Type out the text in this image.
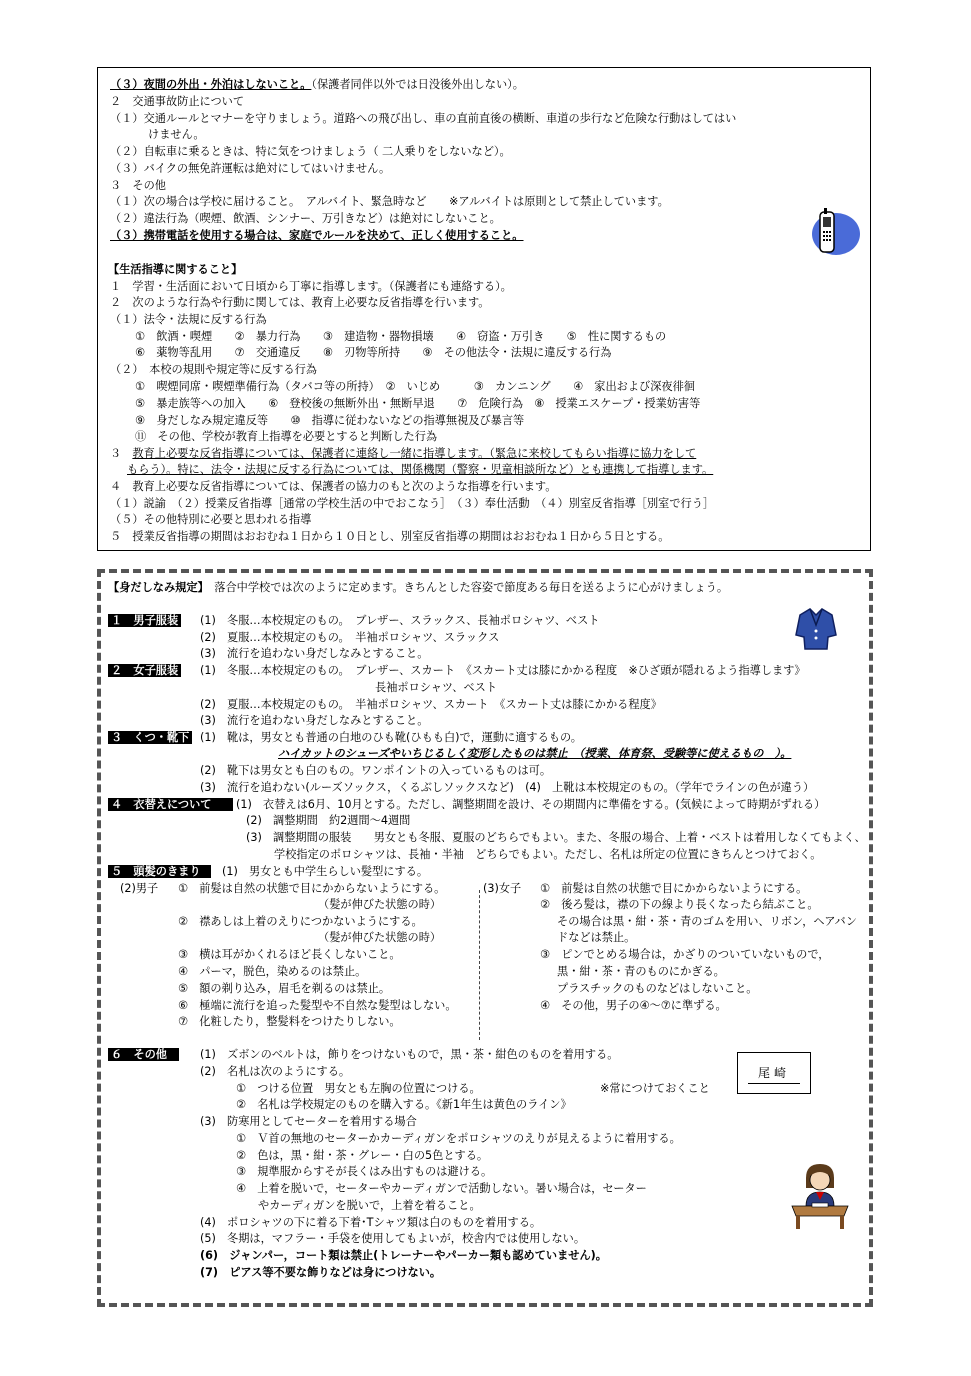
（３）夜間の外出・外泊はしないこと。（保護者同伴以外では日没後外出しない）。
２　交通事故防止について
（１）交通ルールとマナーを守りましょう。道路への飛び出し、車の直前直後の横断、車道の歩行など危険な行動はしてはい
けません。
（２）自転車に乗るときは、特に気をつけましょう（ 二人乗りをしないなど）。
（３）バイクの無免許運転は絶対にしてはいけません。
３　その他
（１）次の場合は学校に届けること。　アルバイト、緊急時など　　※アルバイトは原則として禁止しています。
（２）違法行為（喫煙、飲酒、シンナー、万引きなど）は絶対にしないこと。
（３）携帯電話を使用する場合は、家庭でルールを決めて、正しく使用すること。
【生活指導に関すること】
１　学習・生活面において日頃から丁寧に指導します。（保護者にも連絡する）。
２　次のような行為や行動に関しては、教育上必要な反省指導を行います。
（１）法令・法規に反する行為
①　飲酒・喫煙　　②　暴力行為　　③　建造物・器物損壊　　④　窃盗・万引き　　⑤　性に関するもの
⑥　薬物等乱用　　⑦　交通違反　　⑧　刃物等所持　　⑨　その他法令・法規に違反する行為
（２）　本校の規則や規定等に反する行為
①　喫煙同席・喫煙準備行為（タバコ等の所持）　②　いじめ　　　③　カンニング　　④　家出および深夜徘徊
⑤　暴走族等への加入　　⑥　登校後の無断外出・無断早退　　⑦　危険行為　⑧　授業エスケープ・授業妨害等
⑨　身だしなみ規定違反等　　⑩　指導に従わないなどの指導無視及び暴言等
⑪　その他、学校が教育上指導を必要とすると判断した行為
３　教育上必要な反省指導については、保護者に連絡し一緒に指導します。（緊急に来校してもらい指導に協力をして
もらう）。特に、法令・法規に反する行為については、関係機関（警察・児童相談所など）とも連携して指導します。
４　教育上必要な反省指導については、保護者の協力のもと次のような指導を行います。
（１）説諭　（２）授業反省指導［通常の学校生活の中でおこなう］　（３）奉仕活動　（４）別室反省指導［別室で行う］
（５）その他特別に必要と思われる指導
５　授業反省指導の期間はおおむね１日から１０日とし、別室反省指導の期間はおおむね１日から５日とする。
【身だしなみ規定】　 落合中学校では次のように定めます。きちんとした容姿で節度ある毎日を送るように心がけましょう。
１　男子服装 (1)　冬服…本校規定のもの。　ブレザー、スラックス、長袖ポロシャツ、ベスト
(2)　夏服…本校規定のもの。　半袖ポロシャツ、スラックス
(3)　流行を追わない身だしなみとすること。
２　女子服装 (1)　冬服…本校規定のもの。　ブレザー、スカート　《スカート丈は膝にかかる程度　※ひざ頭が隠れるよう指導します》
長袖ポロシャツ、ベスト
(2)　夏服…本校規定のもの。　半袖ポロシャツ、スカート　《スカート丈は膝にかかる程度》
(3)　流行を追わない身だしなみとすること。
３　くつ・靴下 (1)　靴は，男女とも普通の白地のひも靴(ひもも白)で，運動に適するもの。
ハイカットのシューズやいちじるしく変形したものは禁止　（授業、体育祭、受験等に使えるもの　）。
(2)　靴下は男女とも白のもの。ワンポイントの入っているものは可。
(3)　流行を追わない(ルーズソックス，くるぶしソックスなど)　(4)　上靴は本校規定のもの。（学年でラインの色が違う）
４　衣替えについて	(1)　衣替えは6月、10月とする。ただし、調整期間を設け、その期間内に準備をする。(気候によって時期がずれる）
(2)　調整期間　約2週間～4週間
(3)　調整期間の服装　　男女とも冬服、夏服のどちらでもよい。また、冬服の場合、上着・ベストは着用しなくてもよく、
学校指定のポロシャツは、長袖・半袖　どちらでもよい。ただし、名札は所定の位置にきちんとつけておく。
５　頭髪のきまり	(1)　男女とも中学生らしい髪型にする。
(2)男子 ①　前髪は自然の状態で目にかからないようにする。
（髪が伸びた状態の時）
②　襟あしは上着のえりにつかないようにする。
（髪が伸びた状態の時）
③　横は耳がかくれるほど長くしないこと。
④　パーマ，脱色，染めるのは禁止。
⑤　額の剃り込み，眉毛を剃るのは禁止。
⑥　極端に流行を追った髪型や不自然な髪型はしない。
⑦　化粧したり，整髪料をつけたりしない。
(3)女子 ①　前髪は自然の状態で目にかからないようにする。
②　後ろ髪は，襟の下の線より長くなったら結ぶこと。
その場合は黒・紺・茶・青のゴムを用い、リボン，ヘアバン
ドなどは禁止。
③　ピンでとめる場合は，かざりのついていないもので，
黒・紺・茶・青のものにかぎる。
プラスチックのものなどはしないこと。
④　その他，男子の④～⑦に準ずる。
６　その他	(1)　ズボンのベルトは，飾りをつけないもので，黒・茶・紺色のものを着用する。
(2)　名札は次のようにする。
①　つける位置　男女とも左胸の位置につける。	※常につけておくこと
②　名札は学校規定のものを購入する。《新1年生は黄色のライン》
(3)　防寒用としてセーターを着用する場合
①　Ｖ首の無地のセーターかカーディガンをポロシャツのえりが見えるように着用する。
②　色は，黒・紺・茶・グレー・白の5色とする。
③　規準服からすそが長くはみ出すものは避ける。
④　上着を脱いで，セーターやカーディガンで活動しない。暑い場合は，セーター
やカーディガンを脱いで，上着を着ること。
(4)　ポロシャツの下に着る下着･Tシャツ類は白のものを着用する。
(5)　冬期は，マフラー・手袋を使用してもよいが，校舎内では使用しない。
(6)　ジャンパー，コート類は禁止(トレーナーやパーカー類も認めていません)。
(7)　ピアス等不要な飾りなどは身につけない。
尾崎
